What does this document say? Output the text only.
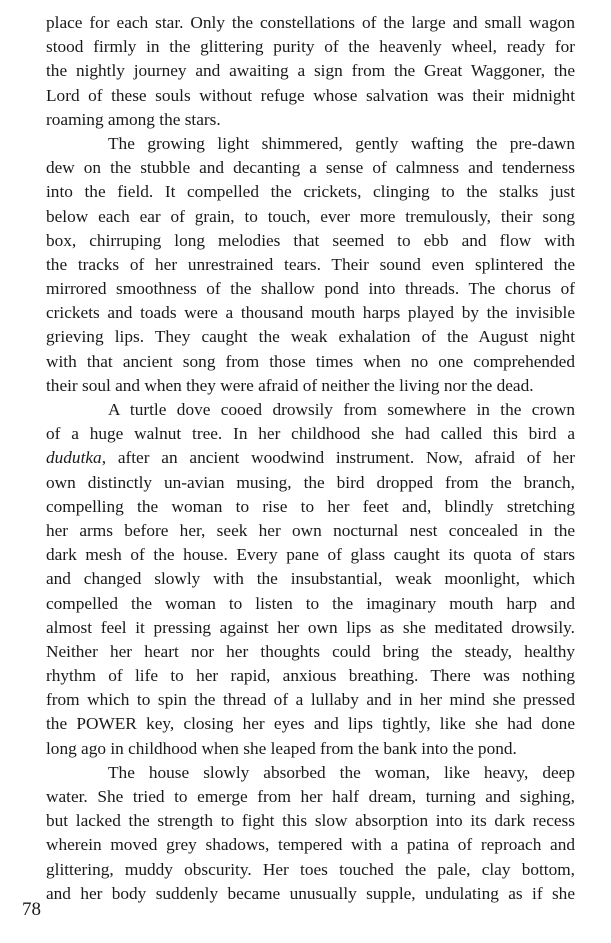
place for each star. Only the constellations of the large and small wagon
stood firmly in the glittering purity of the heavenly wheel, ready for
the nightly journey and awaiting a sign from the Great Waggoner, the
Lord of these souls without refuge whose salvation was their midnight
roaming among the stars.
The growing light shimmered, gently wafting the pre-dawn
dew on the stubble and decanting a sense of calmness and tenderness
into the field. It compelled the crickets, clinging to the stalks just
below each ear of grain, to touch, ever more tremulously, their song
box, chirruping long melodies that seemed to ebb and flow with
the tracks of her unrestrained tears. Their sound even splintered the
mirrored smoothness of the shallow pond into threads. The chorus of
crickets and toads were a thousand mouth harps played by the invisible
grieving lips. They caught the weak exhalation of the August night
with that ancient song from those times when no one comprehended
their soul and when they were afraid of neither the living nor the dead.
A turtle dove cooed drowsily from somewhere in the crown
of a huge walnut tree. In her childhood she had called this bird a
dudutka, after an ancient woodwind instrument. Now, afraid of her
own distinctly un-avian musing, the bird dropped from the branch,
compelling the woman to rise to her feet and, blindly stretching
her arms before her, seek her own nocturnal nest concealed in the
dark mesh of the house. Every pane of glass caught its quota of stars
and changed slowly with the insubstantial, weak moonlight, which
compelled the woman to listen to the imaginary mouth harp and
almost feel it pressing against her own lips as she meditated drowsily.
Neither her heart nor her thoughts could bring the steady, healthy
rhythm of life to her rapid, anxious breathing. There was nothing
from which to spin the thread of a lullaby and in her mind she pressed
the POWER key, closing her eyes and lips tightly, like she had done
long ago in childhood when she leaped from the bank into the pond.
The house slowly absorbed the woman, like heavy, deep
water. She tried to emerge from her half dream, turning and sighing,
but lacked the strength to fight this slow absorption into its dark recess
wherein moved grey shadows, tempered with a patina of reproach and
glittering, muddy obscurity. Her toes touched the pale, clay bottom,
and her body suddenly became unusually supple, undulating as if she
78
